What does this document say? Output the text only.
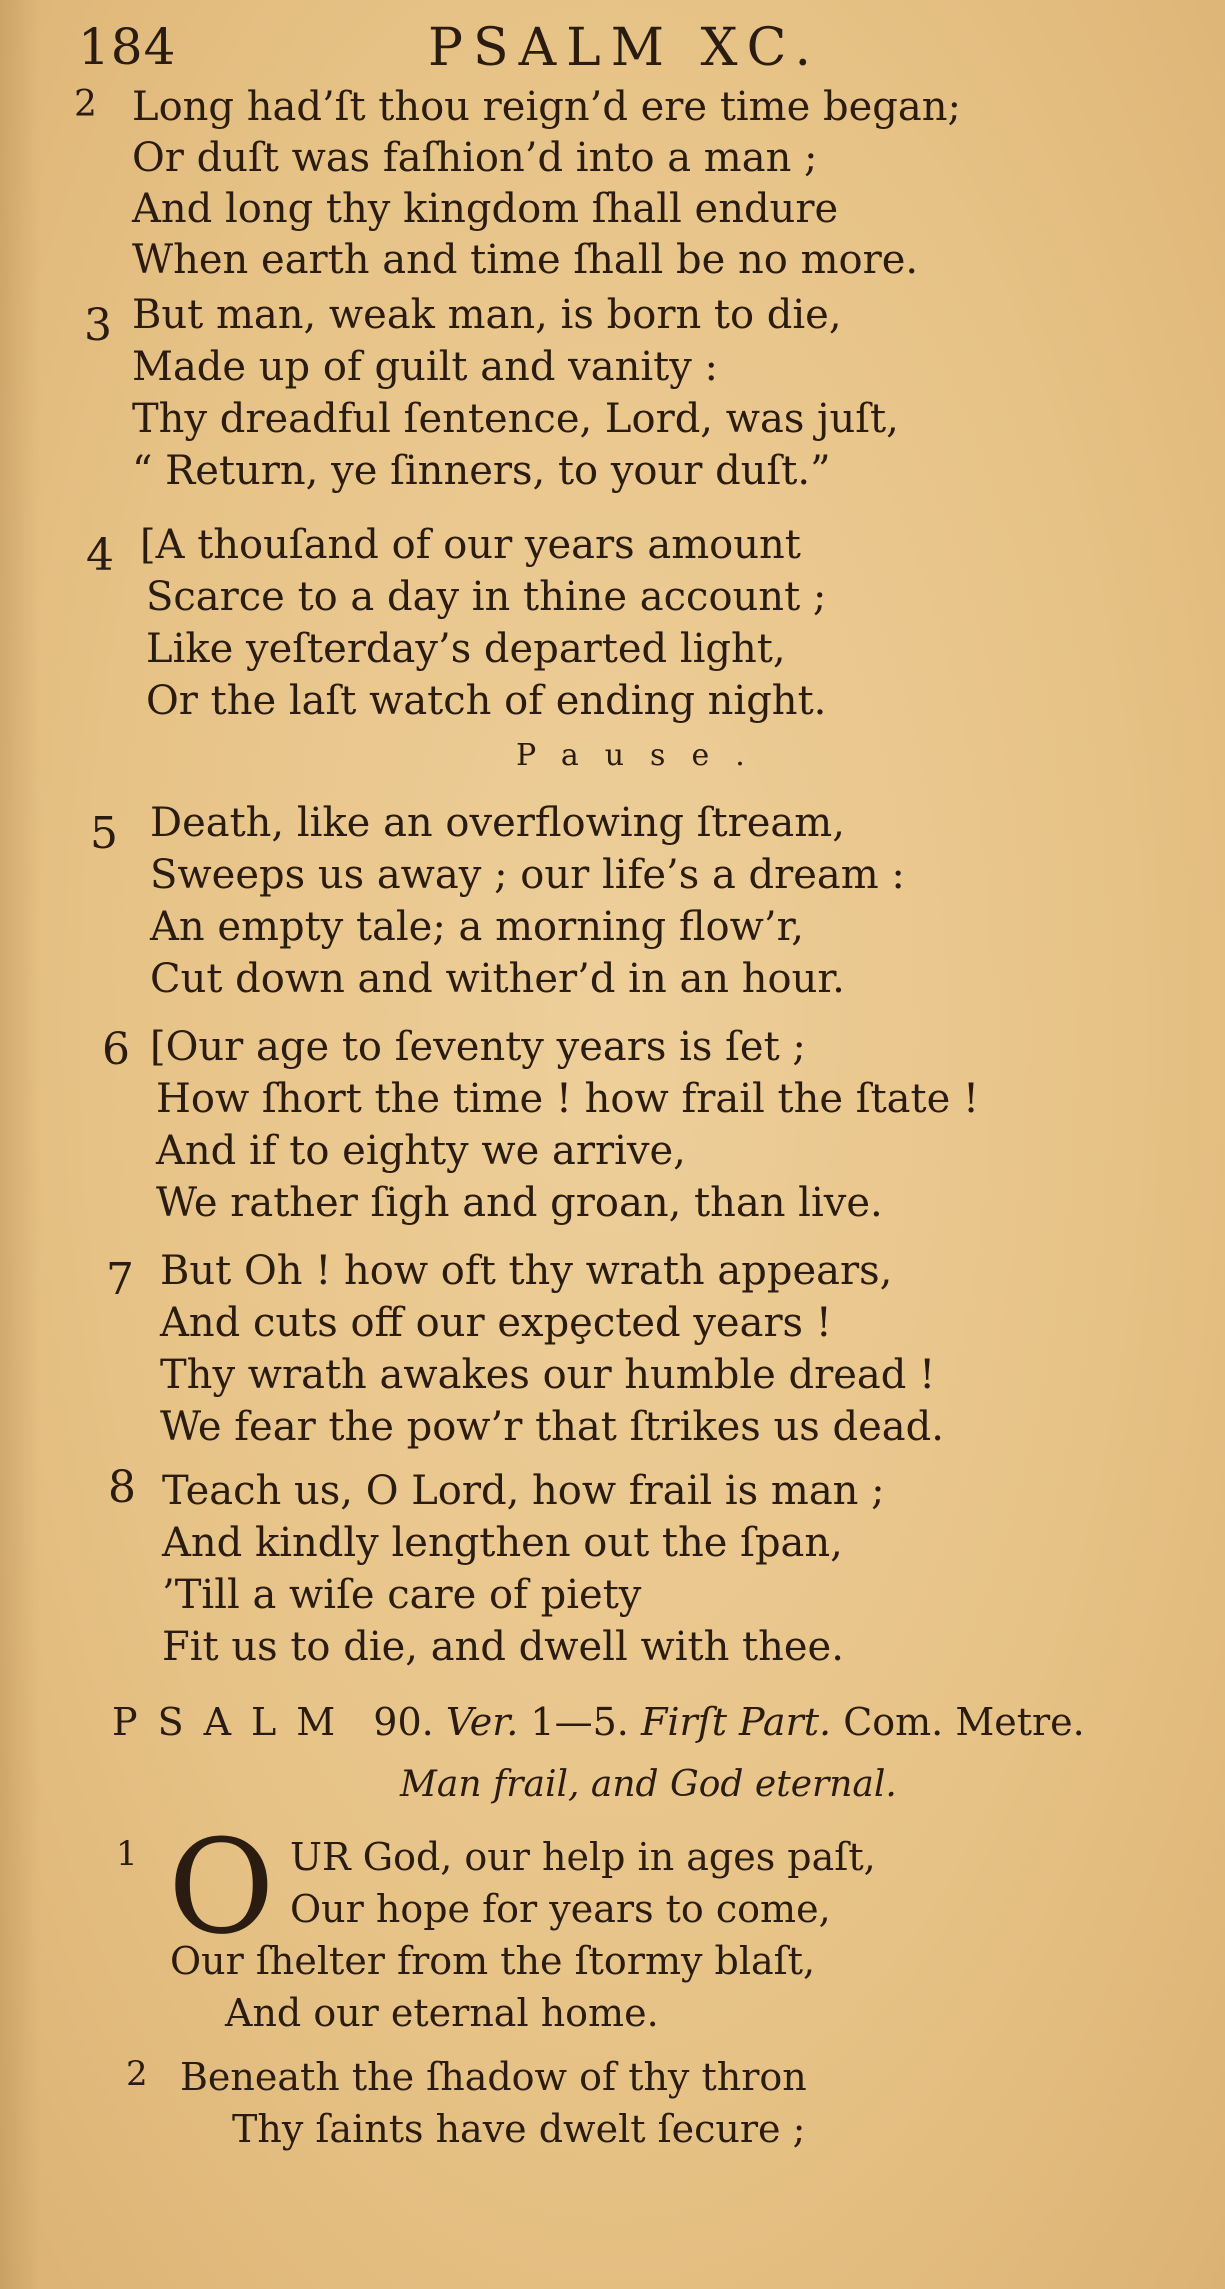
184	PSALM XC.
2 Long had’ſt thou reign’d ere time began;
Or duſt was faſhion’d into a man ;
And long thy kingdom ſhall endure
When earth and time ſhall be no more.
3 But man, weak man, is born to die,
Made up of guilt and vanity :
Thy dreadful ſentence, Lord, was juſt,
“ Return, ye ſinners, to your duſt.”
4 [A thouſand of our years amount
Scarce to a day in thine account ;
Like yeſterday’s departed light,
Or the laſt watch of ending night.
Pause.
5 Death, like an overflowing ſtream,
Sweeps us away ; our life’s a dream :
An empty tale; a morning flow’r,
Cut down and wither’d in an hour.
6 [Our age to ſeventy years is ſet ;
How ſhort the time ! how frail the ſtate !
And if to eighty we arrive,
We rather ſigh and groan, than live.
7 But Oh ! how oft thy wrath appears,
And cuts off our expȩcted years !
Thy wrath awakes our humble dread !
We fear the pow’r that ſtrikes us dead.
8 Teach us, O Lord, how frail is man ;
And kindly lengthen out the ſpan,
’Till a wiſe care of piety
Fit us to die, and dwell with thee.
PSALM 90. Ver. 1—5. Firſt Part. Com. Metre.
Man frail, and God eternal.
O
1	UR God, our help in ages paſt,
Our hope for years to come,
Our ſhelter from the ſtormy blaſt,
And our eternal home.
2 Beneath the ſhadow of thy thron
Thy ſaints have dwelt ſecure ;
